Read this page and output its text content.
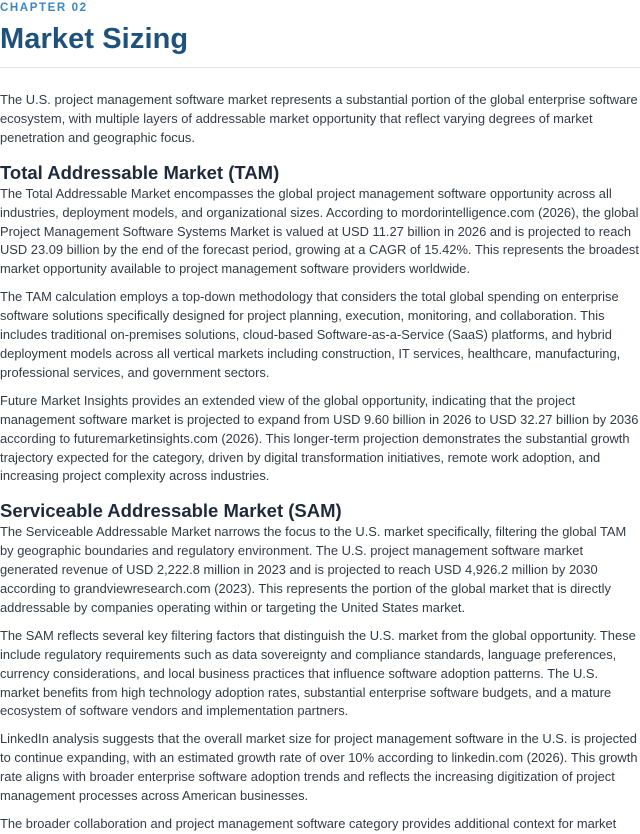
CHAPTER 02
Market Sizing

The U.S. project management software market represents a substantial portion of the global enterprise software ecosystem, with multiple layers of addressable market opportunity that reflect varying degrees of market penetration and geographic focus.

Total Addressable Market (TAM)

The Total Addressable Market encompasses the global project management software opportunity across all industries, deployment models, and organizational sizes. According to mordorintelligence.com (2026), the global Project Management Software Systems Market is valued at USD 11.27 billion in 2026 and is projected to reach USD 23.09 billion by the end of the forecast period, growing at a CAGR of 15.42%. This represents the broadest market opportunity available to project management software providers worldwide.

The TAM calculation employs a top-down methodology that considers the total global spending on enterprise software solutions specifically designed for project planning, execution, monitoring, and collaboration. This includes traditional on-premises solutions, cloud-based Software-as-a-Service (SaaS) platforms, and hybrid deployment models across all vertical markets including construction, IT services, healthcare, manufacturing, professional services, and government sectors.

Future Market Insights provides an extended view of the global opportunity, indicating that the project management software market is projected to expand from USD 9.60 billion in 2026 to USD 32.27 billion by 2036 according to futuremarketinsights.com (2026). This longer-term projection demonstrates the substantial growth trajectory expected for the category, driven by digital transformation initiatives, remote work adoption, and increasing project complexity across industries.

Serviceable Addressable Market (SAM)

The Serviceable Addressable Market narrows the focus to the U.S. market specifically, filtering the global TAM by geographic boundaries and regulatory environment. The U.S. project management software market generated revenue of USD 2,222.8 million in 2023 and is projected to reach USD 4,926.2 million by 2030 according to grandviewresearch.com (2023). This represents the portion of the global market that is directly addressable by companies operating within or targeting the United States market.

The SAM reflects several key filtering factors that distinguish the U.S. market from the global opportunity. These include regulatory requirements such as data sovereignty and compliance standards, language preferences, currency considerations, and local business practices that influence software adoption patterns. The U.S. market benefits from high technology adoption rates, substantial enterprise software budgets, and a mature ecosystem of software vendors and implementation partners.

LinkedIn analysis suggests that the overall market size for project management software in the U.S. is projected to continue expanding, with an estimated growth rate of over 10% according to linkedin.com (2026). This growth rate aligns with broader enterprise software adoption trends and reflects the increasing digitization of project management processes across American businesses.

The broader collaboration and project management software category provides additional context for market
